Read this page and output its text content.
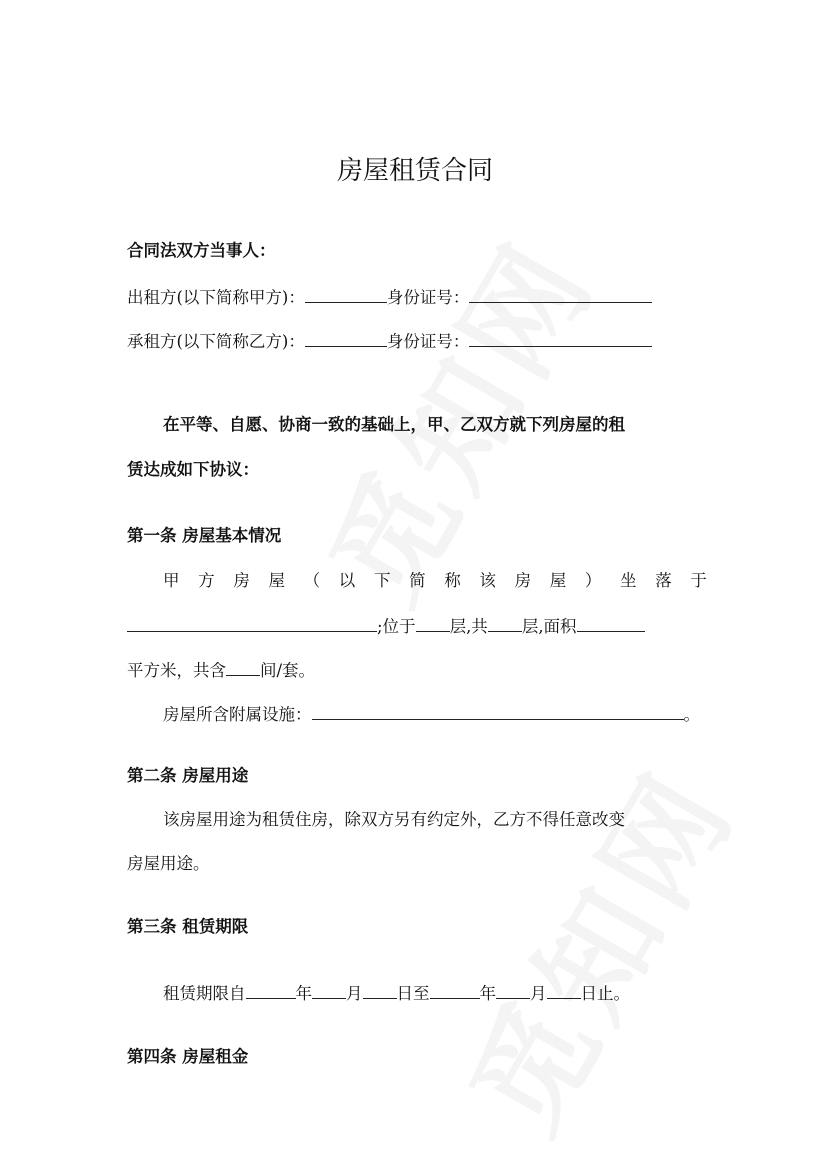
房屋租赁合同
合同法双方当事人：
出租方(以下简称甲方)：	身份证号：
承租方(以下简称乙方)：	身份证号：
在平等、自愿、协商一致的基础上，甲、乙双方就下列房屋的租
赁达成如下协议：
第一条 房屋基本情况
甲 方 房 屋 （ 以 下 简 称 该 房 屋 ） 坐 落 于
;位于 层,共 层,面积
平方米，共含 间/套。
房屋所含附属设施：	。
第二条 房屋用途
该房屋用途为租赁住房，除双方另有约定外，乙方不得任意改变
房屋用途。
第三条 租赁期限
租赁期限自	年 月 日至	年 月 日止。
第四条 房屋租金
